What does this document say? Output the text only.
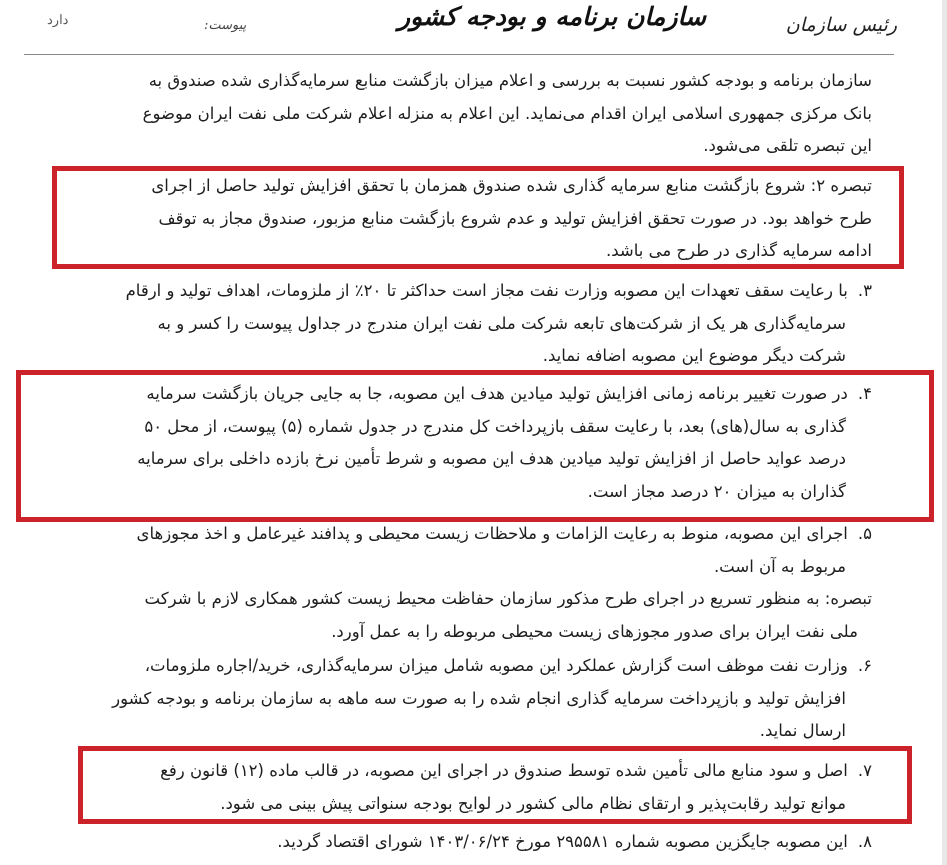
رئیس سازمان
سازمان برنامه و بودجه کشور
پیوست:
دارد

سازمان برنامه و بودجه کشور نسبت به بررسی و اعلام میزان بازگشت منابع سرمایه‌گذاری شده صندوق به

بانک مرکزی جمهوری اسلامی ایران اقدام می‌نماید. این اعلام به منزله اعلام شرکت ملی نفت ایران موضوع

این تبصره تلقی می‌شود.

تبصره ۲: شروع بازگشت منابع سرمایه گذاری شده صندوق همزمان با تحقق افزایش تولید حاصل از اجرای

طرح خواهد بود. در صورت تحقق افزایش تولید و عدم شروع بازگشت منابع مزبور، صندوق مجاز به توقف

ادامه سرمایه گذاری در طرح می باشد.

۳.با رعایت سقف تعهدات این مصوبه وزارت نفت مجاز است حداکثر تا ۲۰٪ از ملزومات، اهداف تولید و ارقام

سرمایه‌گذاری هر یک از شرکت‌های تابعه شرکت ملی نفت ایران مندرج در جداول پیوست را کسر و به

شرکت دیگر موضوع این مصوبه اضافه نماید.

۴.در صورت تغییر برنامه زمانی افزایش تولید میادین هدف این مصوبه، جا به جایی جریان بازگشت سرمایه

گذاری به سال(های) بعد، با رعایت سقف بازپرداخت کل مندرج در جدول شماره (۵) پیوست، از محل ۵۰

درصد عواید حاصل از افزایش تولید میادین هدف این مصوبه و شرط تأمین نرخ بازده داخلی برای سرمایه

گذاران به میزان ۲۰ درصد مجاز است.

۵.اجرای این مصوبه، منوط به رعایت الزامات و ملاحظات زیست محیطی و پدافند غیرعامل و اخذ مجوزهای

مربوط به آن است.

تبصره: به منظور تسریع در اجرای طرح مذکور سازمان حفاظت محیط زیست کشور همکاری لازم با شرکت

ملی نفت ایران برای صدور مجوزهای زیست محیطی مربوطه را به عمل آورد.

۶.وزارت نفت موظف است گزارش عملکرد این مصوبه شامل میزان سرمایه‌گذاری، خرید/اجاره ملزومات،

افزایش تولید و بازپرداخت سرمایه گذاری انجام شده را به صورت سه ماهه به سازمان برنامه و بودجه کشور

ارسال نماید.

۷.اصل و سود منابع مالی تأمین شده توسط صندوق در اجرای این مصوبه، در قالب ماده (۱۲) قانون رفع

موانع تولید رقابت‌پذیر و ارتقای نظام مالی کشور در لوایح بودجه سنواتی پیش بینی می شود.

۸.این مصوبه جایگزین مصوبه شماره ۲۹۵۵۸۱ مورخ ۱۴۰۳/۰۶/۲۴ شورای اقتصاد گردید.
